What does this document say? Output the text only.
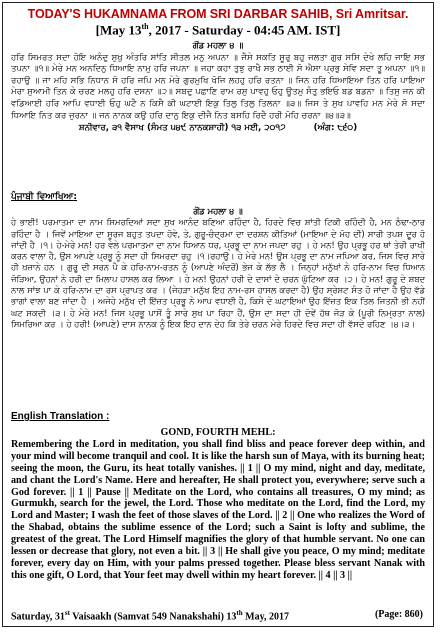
TODAY'S HUKAMNAMA FROM SRI DARBAR SAHIB, Sri Amritsar.
[May 13th, 2017 - Saturday - 04:45 AM. IST]
ਗੋਂਡ ਮਹਲਾ ੪ ॥
ਹਰਿ ਸਿਮਰਤ ਸਦਾ ਹੋਇ ਅਨੰਦੁ ਸੁਖੁ ਅੰਤਰਿ ਸਾਂਤਿ ਸੀਤਲ ਮਨੁ ਅਪਨਾ ॥ ਜੈਸੇ ਸਕਤਿ ਸੂਰੁ ਬਹੁ ਜਲਤਾ ਗੁਰ ਸਸਿ ਦੇਖੇ ਲਹਿ ਜਾਇ ਸਭ ਤਪਨਾ ॥੧॥ ਮੇਰੇ ਮਨ ਅਨਦਿਨੁ ਧਿਆਇ ਨਾਮੁ ਹਰਿ ਜਪਨਾ ॥ ਜਹਾ ਕਹਾ ਤੁਝੁ ਰਾਖੈ ਸਭ ਠਾਈ ਸੋ ਐਸਾ ਪ੍ਰਭੁ ਸੇਵਿ ਸਦਾ ਤੂ ਅਪਨਾ ॥੧॥ ਰਹਾਉ ॥ ਜਾ ਮਹਿ ਸਭਿ ਨਿਧਾਨ ਸੋ ਹਰਿ ਜਪਿ ਮਨ ਮੇਰੇ ਗੁਰਮੁਖਿ ਖੋਜਿ ਲਹਹੁ ਹਰਿ ਰਤਨਾ ॥ ਜਿਨ ਹਰਿ ਧਿਆਇਆ ਤਿਨ ਹਰਿ ਪਾਇਆ ਮੇਰਾ ਸੁਆਮੀ ਤਿਨ ਕੇ ਚਰਣ ਮਲਹੁ ਹਰਿ ਦਸਨਾ ॥੨॥ ਸਬਦੁ ਪਛਾਣਿ ਰਾਮ ਰਸੁ ਪਾਵਹੁ ਓਹੁ ਊਤਮੁ ਸੰਤੁ ਭਇਓ ਬਡ ਬਡਨਾ ॥ ਤਿਸੁ ਜਨ ਕੀ ਵਡਿਆਈ ਹਰਿ ਆਪਿ ਵਧਾਈ ਓਹੁ ਘਟੈ ਨ ਕਿਸੈ ਕੀ ਘਟਾਈ ਇਕੁ ਤਿਲੁ ਤਿਲੁ ਤਿਲਨਾ ॥੩॥ ਜਿਸ ਤੇ ਸੁਖ ਪਾਵਹਿ ਮਨ ਮੇਰੇ ਸੋ ਸਦਾ ਧਿਆਇ ਨਿਤ ਕਰ ਜੁਰਨਾ ॥ ਜਨ ਨਾਨਕ ਕਉ ਹਰਿ ਦਾਨੁ ਇਕੁ ਦੀਜੈ ਨਿਤ ਬਸਹਿ ਰਿਦੈ ਹਰੀ ਮੋਹਿ ਚਰਨਾ ॥੪॥੩॥
ਸ਼ਨੀਵਾਰ, ੩੧ ਵੈਸਾਖ (ਸੰਮਤ ੫੪੯ ਨਾਨਕਸ਼ਾਹੀ) ੧੩ ਮਈ, ੨੦੧੭	(ਅੰਗ: ੮੬੦)
ਪੰਜਾਬੀ ਵਿਆਖਿਆ:
ਗੋਂਡ ਮਹਲਾ ੪ ॥
ਹੇ ਭਾਈ! ਪਰਮਾਤਮਾ ਦਾ ਨਾਮ ਸਿਮਰਦਿਆਂ ਸਦਾ ਸੁਖ ਆਨੰਦ ਬਣਿਆ ਰਹਿੰਦਾ ਹੈ, ਹਿਰਦੇ ਵਿਚ ਸ਼ਾਂਤੀ ਟਿਕੀ ਰਹਿੰਦੀ ਹੈ, ਮਨ ਠੰਢਾ-ਠਾਰ ਰਹਿੰਦਾ ਹੈ । ਜਿਵੇਂ ਮਾਇਆ ਦਾ ਸੂਰਜ ਬਹੁਤ ਤਪਦਾ ਹੋਵੇ, ਤੇ, ਗੁਰੂ-ਚੰਦ੍ਰਮਾ ਦਾ ਦਰਸ਼ਨ ਕੀਤਿਆਂ (ਮਾਇਆ ਦੇ ਮੋਹ ਦੀ) ਸਾਰੀ ਤਪਸ਼ ਦੂਰ ਹੋ ਜਾਂਦੀ ਹੈ ।੧। ਹੇ-ਮੇਰੇ ਮਨ! ਹਰ ਵੇਲੇ ਪਰਮਾਤਮਾ ਦਾ ਨਾਮ ਧਿਆਨ ਧਰ, ਪ੍ਰਭੂ ਦਾ ਨਾਮ ਜਪਦਾ ਰਹੁ । ਹੇ ਮਨ! ਉਹ ਪ੍ਰਭੂ ਹਰ ਥਾਂ ਤੇਰੀ ਰਾਖੀ ਕਰਨ ਵਾਲਾ ਹੈ, ਉਸ ਆਪਣੇ ਪ੍ਰਭੂ ਨੂੰ ਸਦਾ ਹੀ ਸਿਮਰਦਾ ਰਹੁ ।੧।ਰਹਾਉ। ਹੇ ਮੇਰੇ ਮਨ! ਉਸ ਪ੍ਰਭੂ ਦਾ ਨਾਮ ਜਪਿਆ ਕਰ, ਜਿਸ ਵਿਚ ਸਾਰੇ ਹੀ ਖ਼ਜ਼ਾਨੇ ਹਨ । ਗੁਰੂ ਦੀ ਸਰਨ ਪੈ ਕੇ ਹਰਿ-ਨਾਮ-ਰਤਨ ਨੂੰ (ਆਪਣੇ ਅੰਦਰੋਂ) ਭੇਜ ਕੇ ਲੱਭ ਲੈ । ਜਿਨ੍ਹਾਂ ਮਨੁੱਖਾਂ ਨੇ ਹਰਿ-ਨਾਮ ਵਿਚ ਧਿਆਨ ਜੋੜਿਆ, ਉਹਨਾਂ ਨੇ ਹਰੀ ਦਾ ਮਿਲਾਪ ਹਾਸਲ ਕਰ ਲਿਆ । ਹੇ ਮਨ! ਉਹਨਾਂ ਹਰੀ ਦੇ ਦਾਸਾਂ ਦੇ ਚਰਨ ਘੁੱਟਿਆ ਕਰ ।੨। ਹੇ ਮਨ! ਗੁਰੂ ਦੇ ਸ਼ਬਦ ਨਾਲ ਸਾਂਝ ਪਾ ਕੇ ਹਰਿ-ਨਾਮ ਦਾ ਰਸ ਪ੍ਰਾਪਤ ਕਰ । (ਜੇਹੜਾ ਮਨੁੱਖ ਇਹ ਨਾਮ-ਰਸ ਹਾਸਲ ਕਰਦਾ ਹੈ) ਉਹ ਸ੍ਰੇਸ਼ਟ ਸੰਤ ਹੋ ਜਾਂਦਾ ਹੈ ਉਹ ਵੱਡੇ ਭਾਗਾਂ ਵਾਲਾ ਬਣ ਜਾਂਦਾ ਹੈ । ਅਜੇਹੇ ਮਨੁੱਖ ਦੀ ਇੱਜ਼ਤ ਪ੍ਰਭੂ ਨੇ ਆਪ ਵਧਾਈ ਹੈ, ਕਿਸੇ ਦੇ ਘਟਾਇਆਂ ਉਹ ਇੱਜ਼ਤ ਇਕ ਤਿਲ ਜਿਤਨੀ ਭੀ ਨਹੀਂ ਘਟ ਸਕਦੀ ।੩। ਹੇ ਮੇਰੇ ਮਨ! ਜਿਸ ਪ੍ਰਭੂ ਪਾਸੋਂ ਤੂੰ ਸਾਰੇ ਸੁਖ ਪਾ ਰਿਹਾ ਹੈਂ, ਉਸ ਦਾ ਸਦਾ ਹੀ ਦੋਵੇਂ ਹੱਥ ਜੋੜ ਕੇ (ਪੂਰੀ ਨਿਮ੍ਰਤਾ ਨਾਲ) ਸਿਮਰਿਆ ਕਰ । ਹੇ ਹਰੀ! (ਆਪਣੇ) ਦਾਸ ਨਾਨਕ ਨੂੰ ਇਕ ਇਹ ਦਾਨ ਦੇਹ ਕਿ ਤੇਰੇ ਚਰਨ ਮੇਰੇ ਹਿਰਦੇ ਵਿਚ ਸਦਾ ਹੀ ਵੱਸਦੇ ਰਹਿਣ ।੪।੩।
English Translation :
GOND, FOURTH MEHL:
Remembering the Lord in meditation, you shall find bliss and peace forever deep within, and your mind will become tranquil and cool. It is like the harsh sun of Maya, with its burning heat; seeing the moon, the Guru, its heat totally vanishes. || 1 || O my mind, night and day, meditate, and chant the Lord's Name. Here and hereafter, He shall protect you, everywhere; serve such a God forever. || 1 || Pause || Meditate on the Lord, who contains all treasures, O my mind; as Gurmukh, search for the jewel, the Lord. Those who meditate on the Lord, find the Lord, my Lord and Master; I wash the feet of those slaves of the Lord. || 2 || One who realizes the Word of the Shabad, obtains the sublime essence of the Lord; such a Saint is lofty and sublime, the greatest of the great. The Lord Himself magnifies the glory of that humble servant. No one can lessen or decrease that glory, not even a bit. || 3 || He shall give you peace, O my mind; meditate forever, every day on Him, with your palms pressed together. Please bless servant Nanak with this one gift, O Lord, that Your feet may dwell within my heart forever. || 4 || 3 ||
Saturday, 31st Vaisaakh (Samvat 549 Nanakshahi) 13th May, 2017	(Page: 860)
